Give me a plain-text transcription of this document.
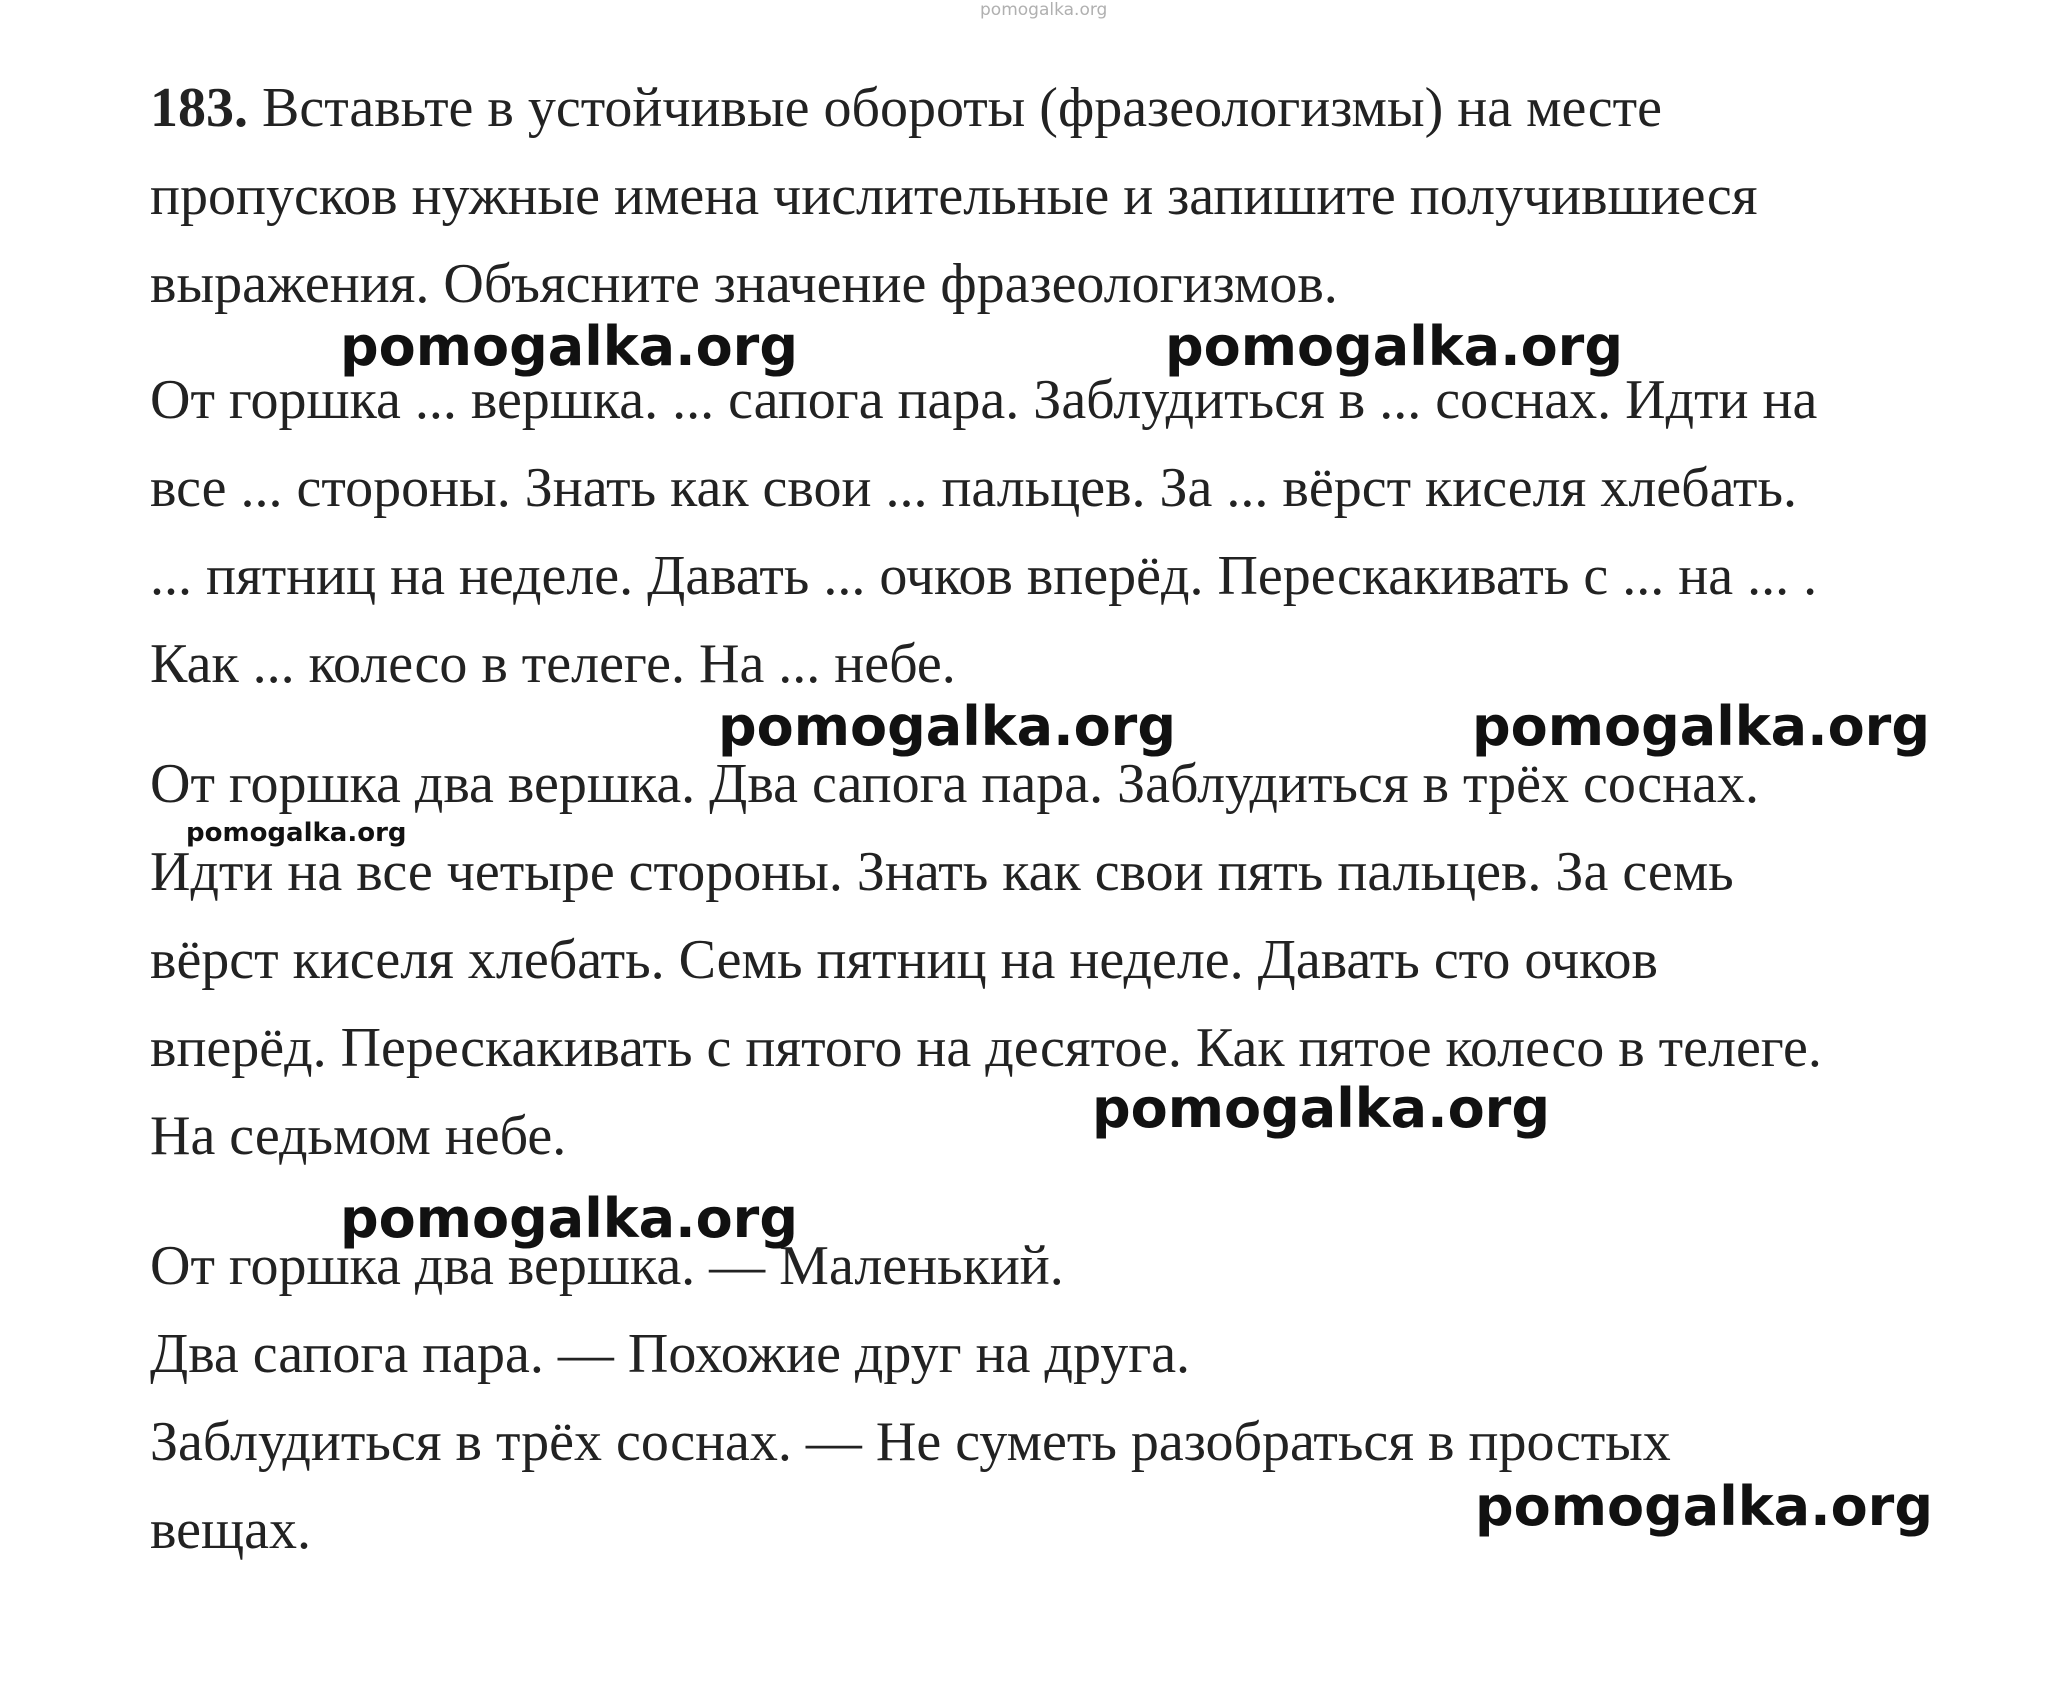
pomogalka.org

183. Вставьте в устойчивые обороты (фразеологизмы) на месте

пропусков нужные имена числительные и запишите получившиеся

выражения. Объясните значение фразеологизмов.

От горшка ... вершка. ... сапога пара. Заблудиться в ... соснах. Идти на

все ... стороны. Знать как свои ... пальцев. За ... вёрст киселя хлебать.

... пятниц на неделе. Давать ... очков вперёд. Перескакивать с ... на ... .

Как ... колесо в телеге. На ... небе.

От горшка два вершка. Два сапога пара. Заблудиться в трёх соснах.

Идти на все четыре стороны. Знать как свои пять пальцев. За семь

вёрст киселя хлебать. Семь пятниц на неделе. Давать сто очков

вперёд. Перескакивать с пятого на десятое. Как пятое колесо в телеге.

На седьмом небе.

От горшка два вершка. — Маленький.

Два сапога пара. — Похожие друг на друга.

Заблудиться в трёх соснах. — Не суметь разобраться в простых

вещах.

pomogalka.org	pomogalka.org

pomogalka.org	pomogalka.org

pomogalka.org

pomogalka.org

pomogalka.org

pomogalka.org
